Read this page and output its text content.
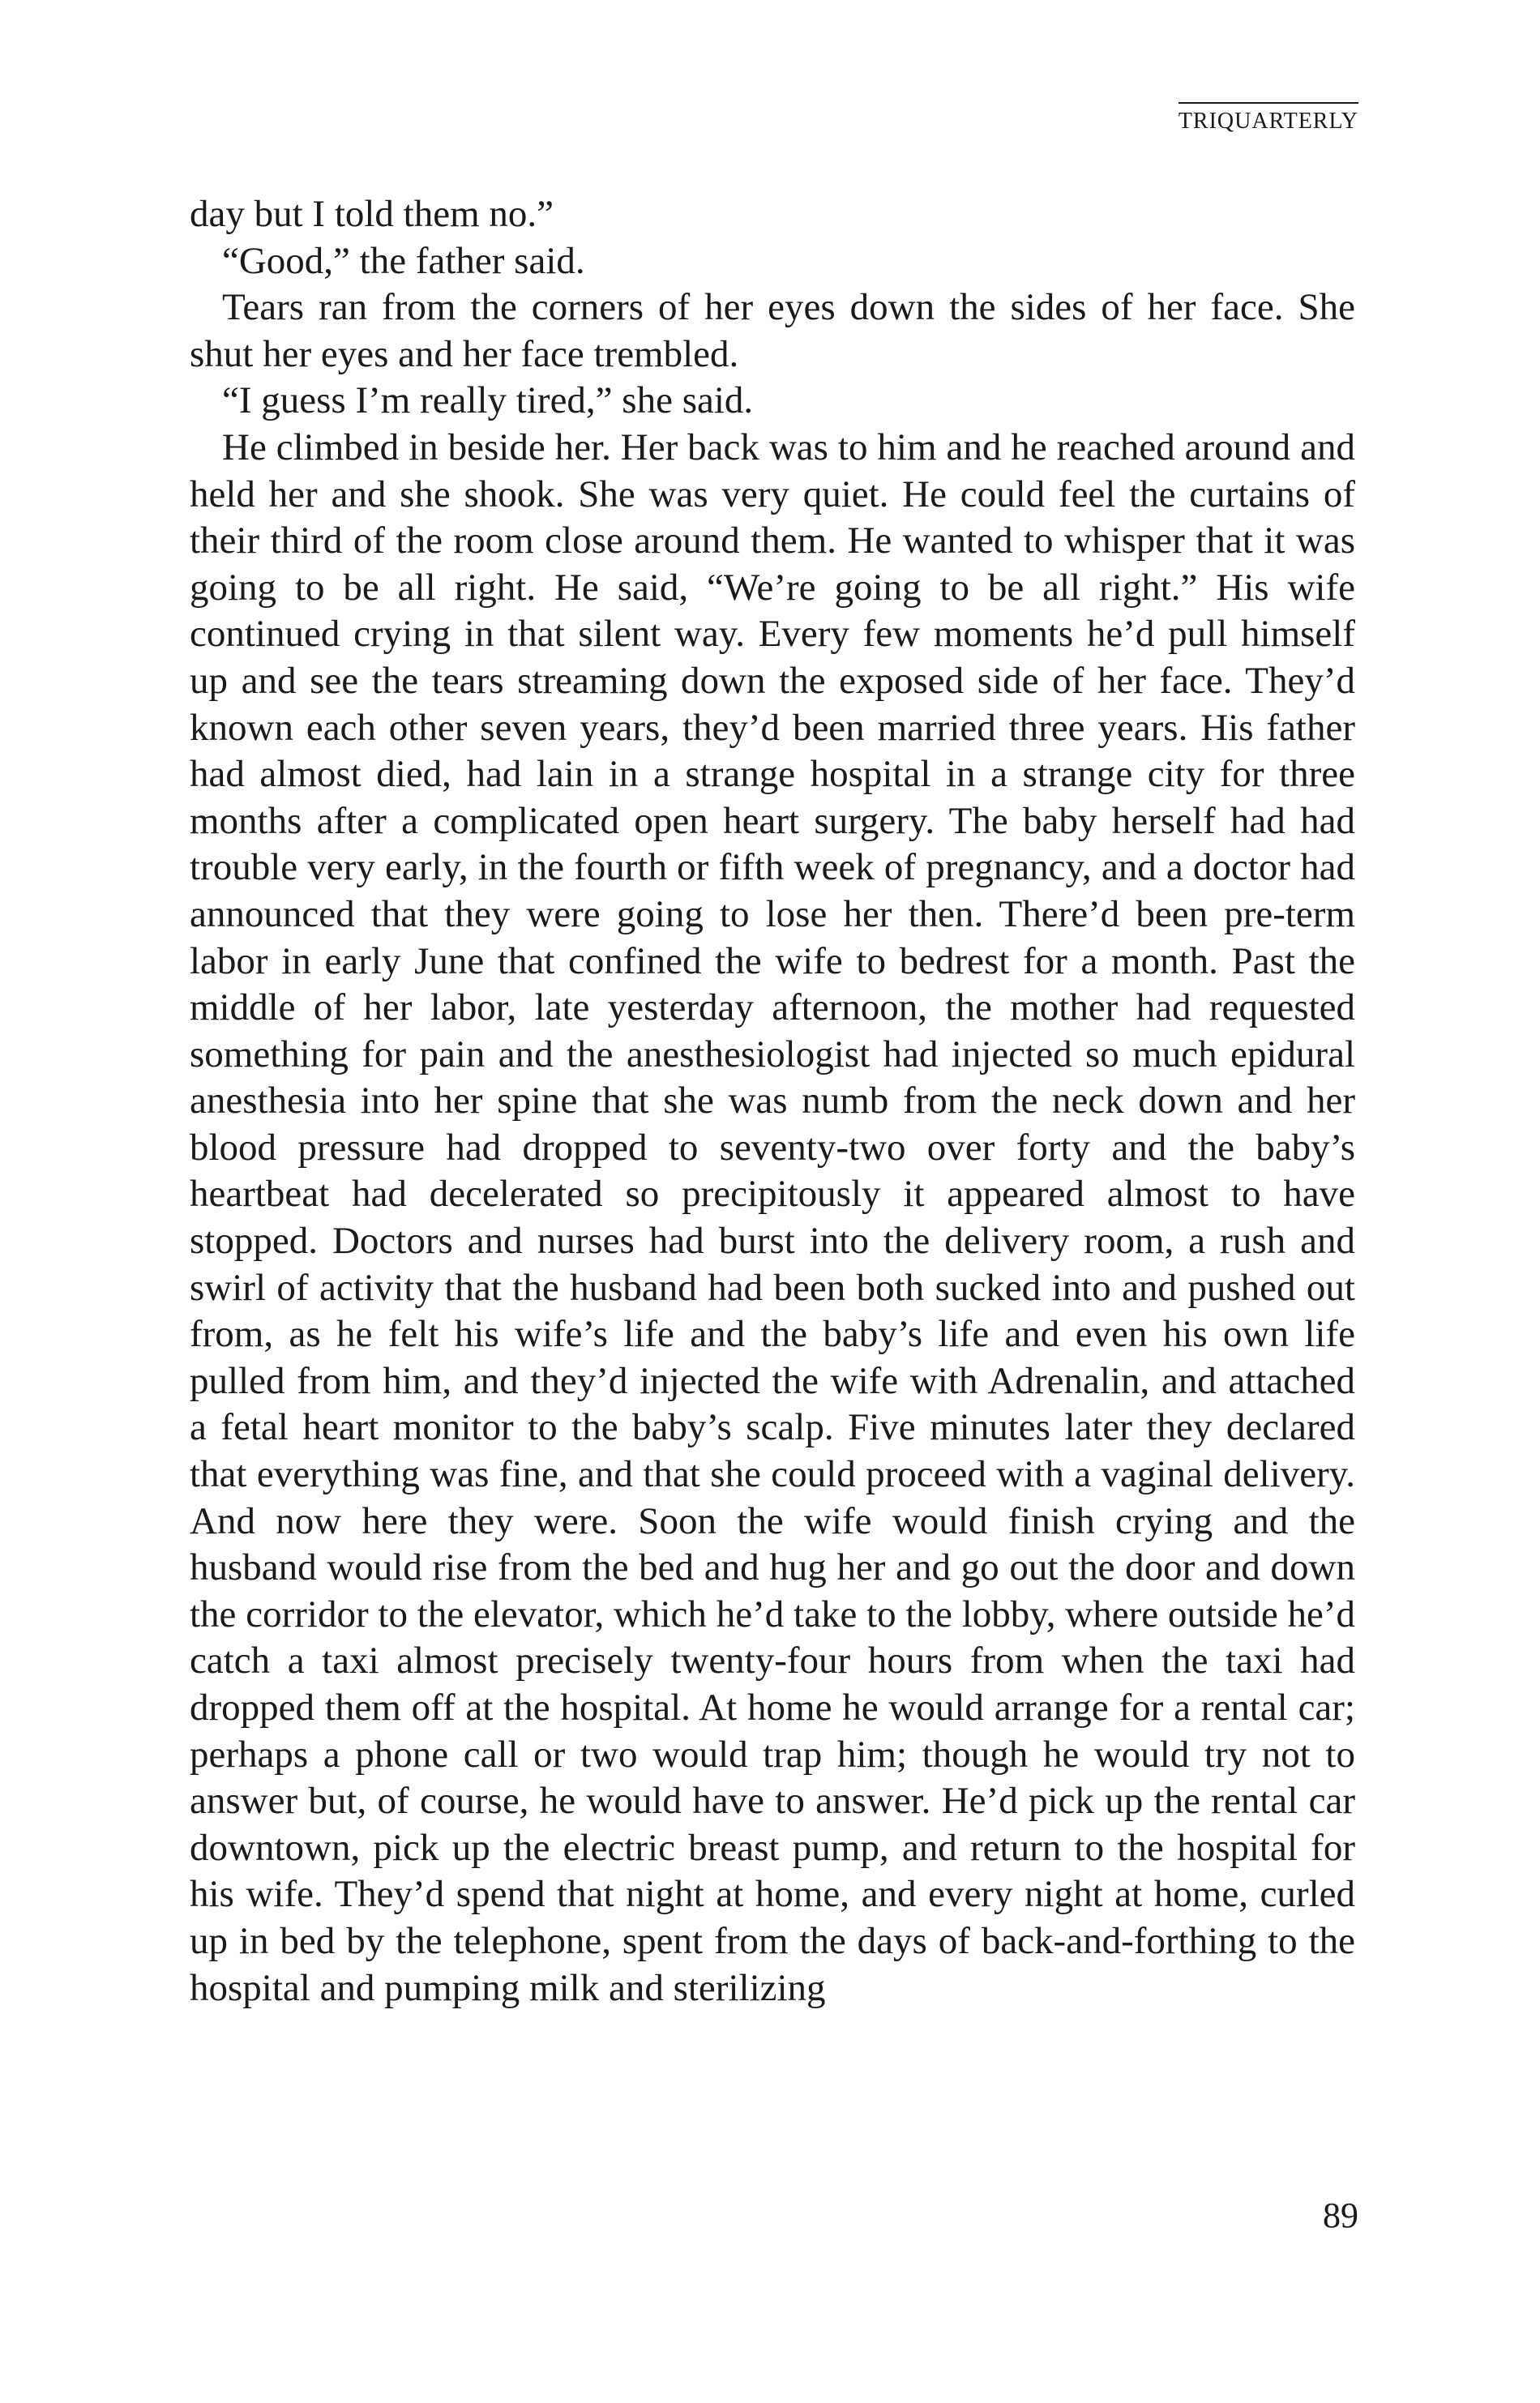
TRIQUARTERLY

day but I told them no.”

“Good,” the father said.

Tears ran from the corners of her eyes down the sides of her face. She shut her eyes and her face trembled.

“I guess I’m really tired,” she said.

He climbed in beside her. Her back was to him and he reached around and held her and she shook. She was very quiet. He could feel the curtains of their third of the room close around them. He wanted to whisper that it was going to be all right. He said, “We’re going to be all right.” His wife continued crying in that silent way. Every few moments he’d pull himself up and see the tears streaming down the exposed side of her face. They’d known each other seven years, they’d been married three years. His father had almost died, had lain in a strange hospital in a strange city for three months after a complicated open heart surgery. The baby herself had had trouble very early, in the fourth or fifth week of pregnancy, and a doctor had announced that they were going to lose her then. There’d been pre-term labor in early June that confined the wife to bedrest for a month. Past the middle of her labor, late yesterday afternoon, the mother had requested something for pain and the anesthesiologist had injected so much epidural anesthesia into her spine that she was numb from the neck down and her blood pressure had dropped to seventy-two over forty and the baby’s heartbeat had decelerated so precipitously it appeared almost to have stopped. Doctors and nurses had burst into the delivery room, a rush and swirl of activity that the husband had been both sucked into and pushed out from, as he felt his wife’s life and the baby’s life and even his own life pulled from him, and they’d injected the wife with Adrenalin, and attached a fetal heart monitor to the baby’s scalp. Five minutes later they declared that everything was fine, and that she could proceed with a vaginal delivery. And now here they were. Soon the wife would finish crying and the husband would rise from the bed and hug her and go out the door and down the corridor to the elevator, which he’d take to the lobby, where outside he’d catch a taxi almost precisely twenty-four hours from when the taxi had dropped them off at the hospital. At home he would arrange for a rental car; perhaps a phone call or two would trap him; though he would try not to answer but, of course, he would have to answer. He’d pick up the rental car downtown, pick up the electric breast pump, and return to the hospital for his wife. They’d spend that night at home, and every night at home, curled up in bed by the telephone, spent from the days of back-and-forthing to the hospital and pumping milk and sterilizing

89
